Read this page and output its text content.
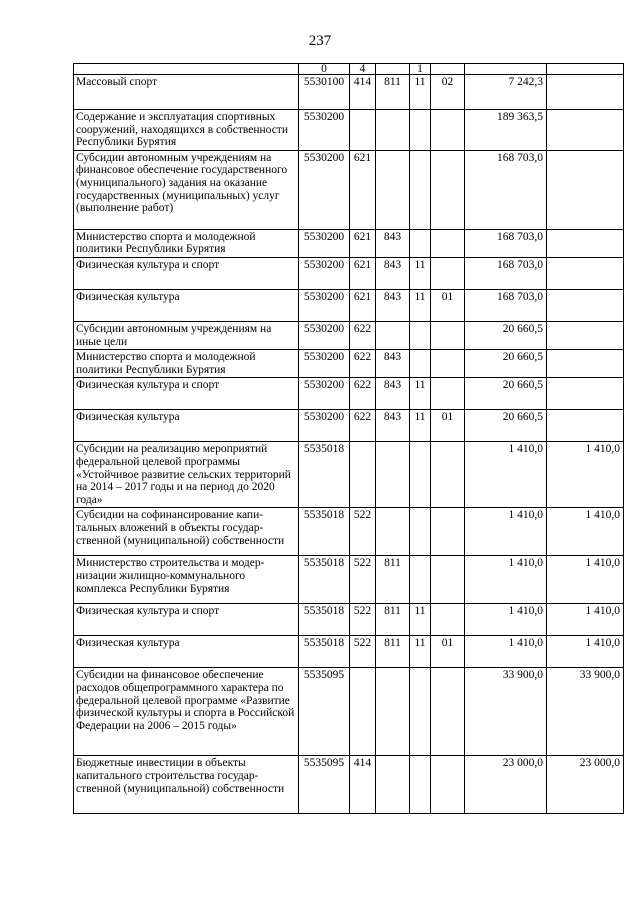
237
	0	4		1			
Массовый спорт	5530100	414	811	11	02	7 242,3	
Содержание и эксплуатация спортивных сооружений, находящихся в собственности Республики Бурятия	5530200					189 363,5	
Субсидии автономным учреждениям на финансовое обеспечение государственного (муниципального) задания на оказание государственных (муниципальных) услуг (выполнение работ)	5530200	621				168 703,0	
Министерство спорта и молодежной политики Республики Бурятия	5530200	621	843			168 703,0	
Физическая культура и спорт	5530200	621	843	11		168 703,0	
Физическая культура	5530200	621	843	11	01	168 703,0	
Субсидии автономным учреждениям на иные цели	5530200	622				20 660,5	
Министерство спорта и молодежной политики Республики Бурятия	5530200	622	843			20 660,5	
Физическая культура и спорт	5530200	622	843	11		20 660,5	
Физическая культура	5530200	622	843	11	01	20 660,5	
Субсидии на реализацию мероприятий федеральной целевой программы «Устойчивое развитие сельских территорий на 2014 – 2017 годы и на период до 2020 года»	5535018					1 410,0	1 410,0
Субсидии на софинансирование капитальных вложений в объекты государственной (муниципальной) собственности	5535018	522				1 410,0	1 410,0
Министерство строительства и модернизации жилищно-коммунального комплекса Республики Бурятия	5535018	522	811			1 410,0	1 410,0
Физическая культура и спорт	5535018	522	811	11		1 410,0	1 410,0
Физическая культура	5535018	522	811	11	01	1 410,0	1 410,0
Субсидии на финансовое обеспечение расходов общепрограммного характера по федеральной целевой программе «Развитие физической культуры и спорта в Российской Федерации на 2006 – 2015 годы»	5535095					33 900,0	33 900,0
Бюджетные инвестиции в объекты капитального строительства государственной (муниципальной) собственности	5535095	414				23 000,0	23 000,0
